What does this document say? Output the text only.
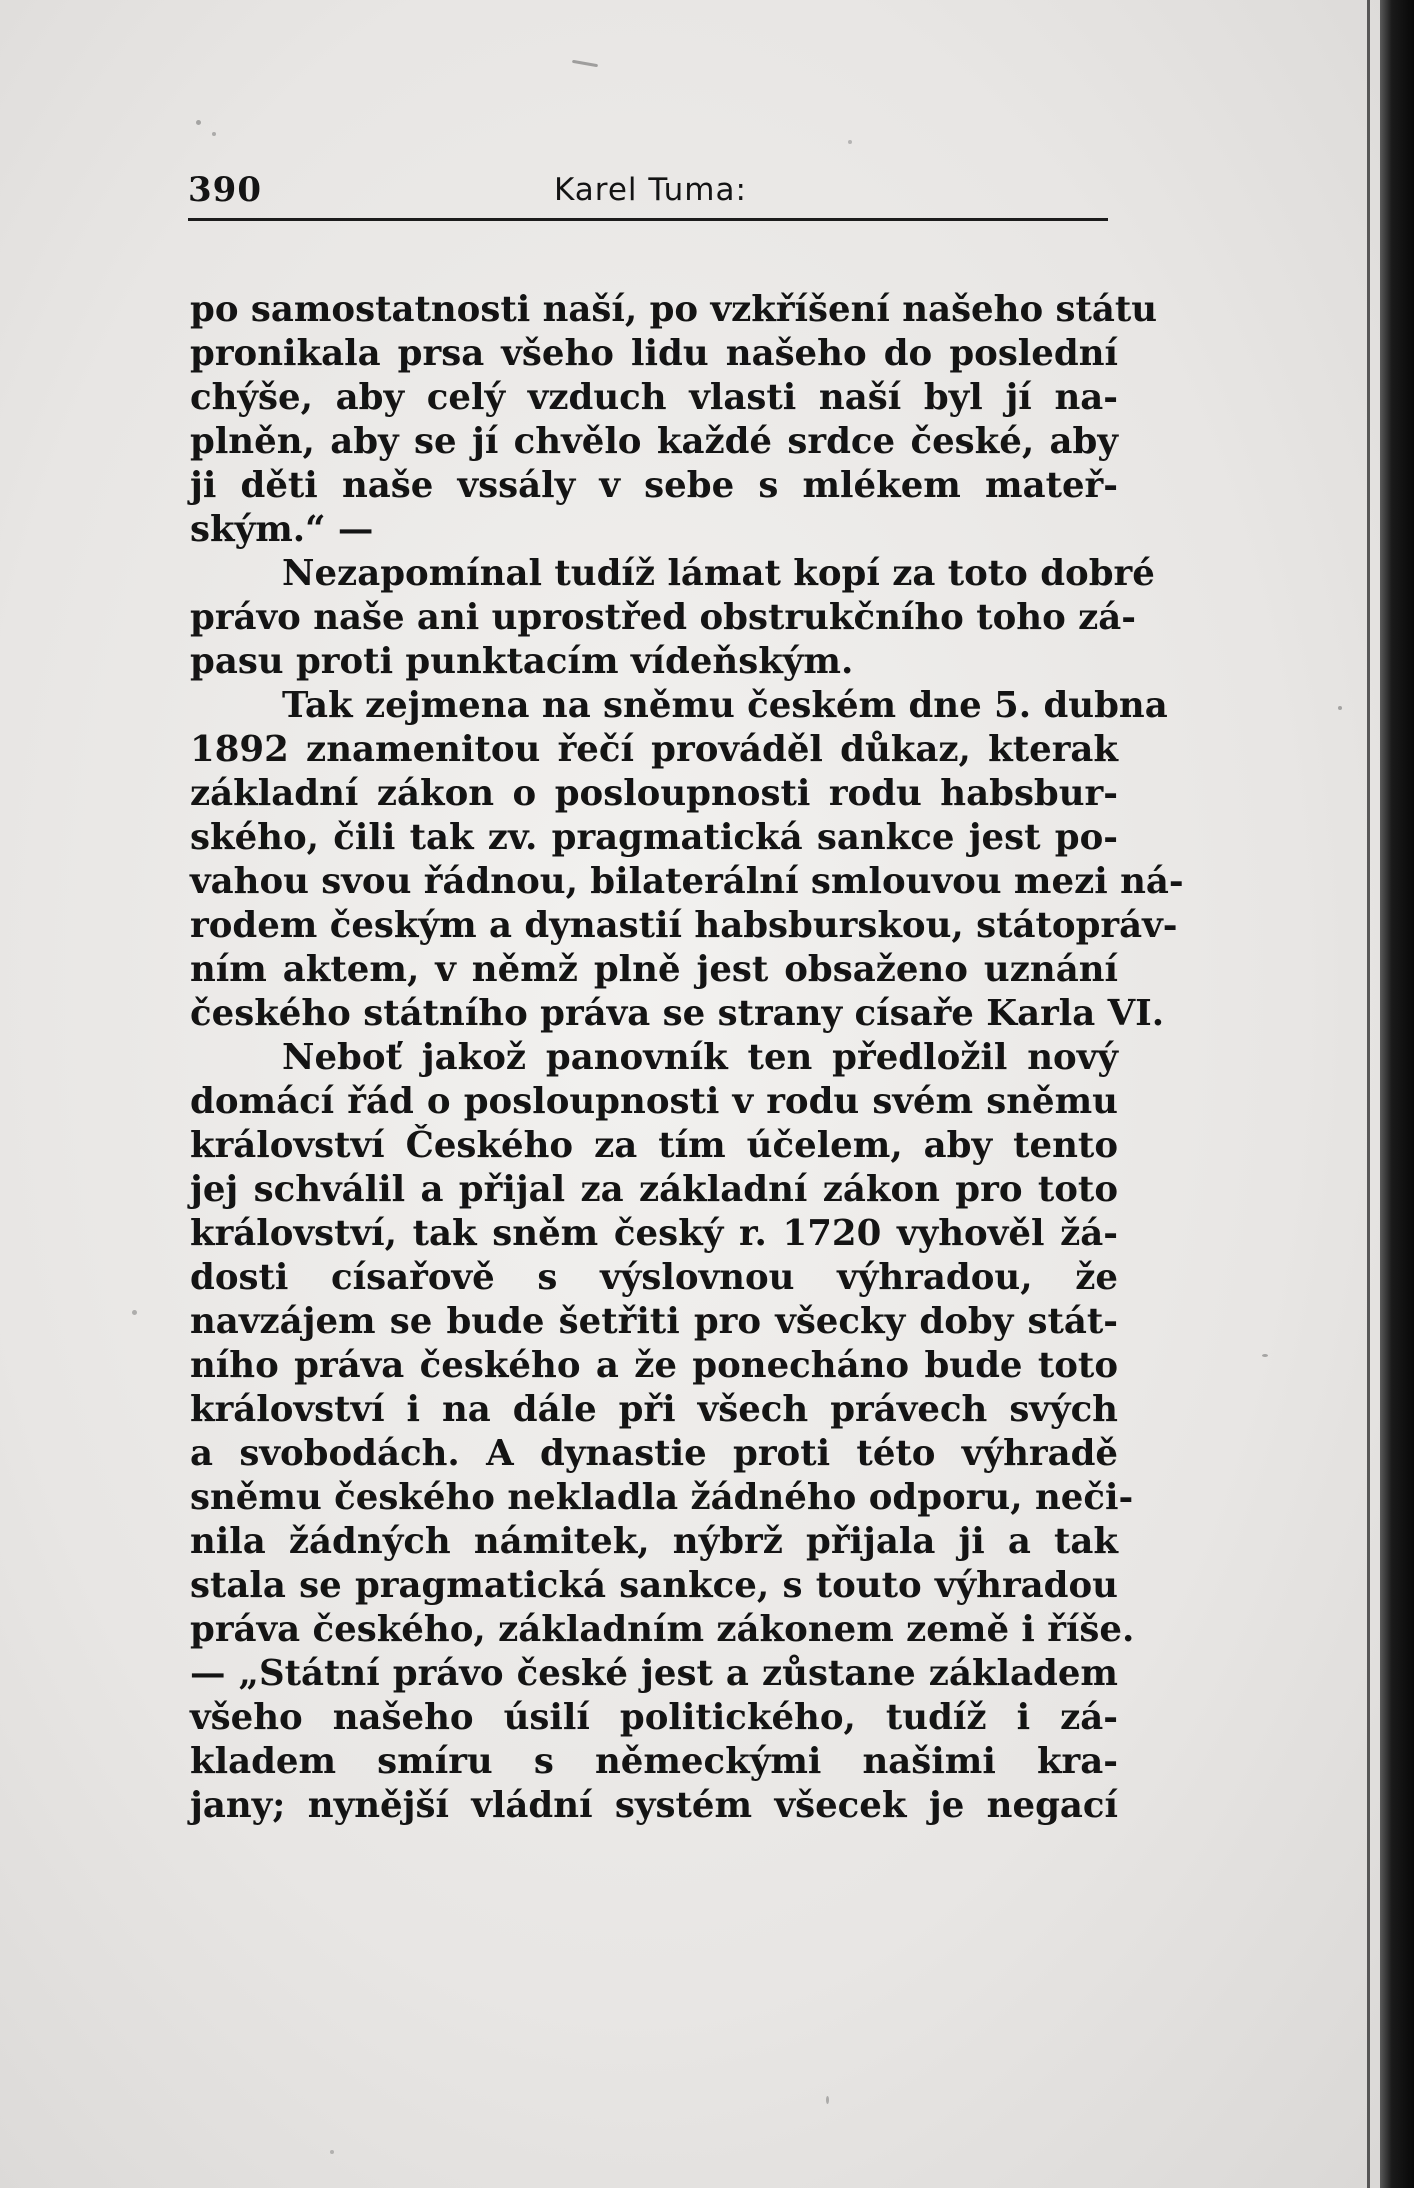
390	Karel Tuma:
po samostatnosti naší, po vzkříšení našeho státu
pronikala prsa všeho lidu našeho do poslední
chýše, aby celý vzduch vlasti naší byl jí na-
plněn, aby se jí chvělo každé srdce české, aby
ji děti naše vssály v sebe s mlékem mateř-
ským.“ —
Nezapomínal tudíž lámat kopí za toto dobré
právo naše ani uprostřed obstrukčního toho zá-
pasu proti punktacím vídeňským.
Tak zejmena na sněmu českém dne 5. dubna
1892 znamenitou řečí prováděl důkaz, kterak
základní zákon o posloupnosti rodu habsbur-
ského, čili tak zv. pragmatická sankce jest po-
vahou svou řádnou, bilaterální smlouvou mezi ná-
rodem českým a dynastií habsburskou, státopráv-
ním aktem, v němž plně jest obsaženo uznání
českého státního práva se strany císaře Karla VI.
Neboť jakož panovník ten předložil nový
domácí řád o posloupnosti v rodu svém sněmu
království Českého za tím účelem, aby tento
jej schválil a přijal za základní zákon pro toto
království, tak sněm český r. 1720 vyhověl žá-
dosti císařově s výslovnou výhradou, že
navzájem se bude šetřiti pro všecky doby stát-
ního práva českého a že ponecháno bude toto
království i na dále při všech právech svých
a svobodách. A dynastie proti této výhradě
sněmu českého nekladla žádného odporu, neči-
nila žádných námitek, nýbrž přijala ji a tak
stala se pragmatická sankce, s touto výhradou
práva českého, základním zákonem země i říše.
— „Státní právo české jest a zůstane základem
všeho našeho úsilí politického, tudíž i zá-
kladem smíru s německými našimi kra-
jany; nynější vládní systém všecek je negací
